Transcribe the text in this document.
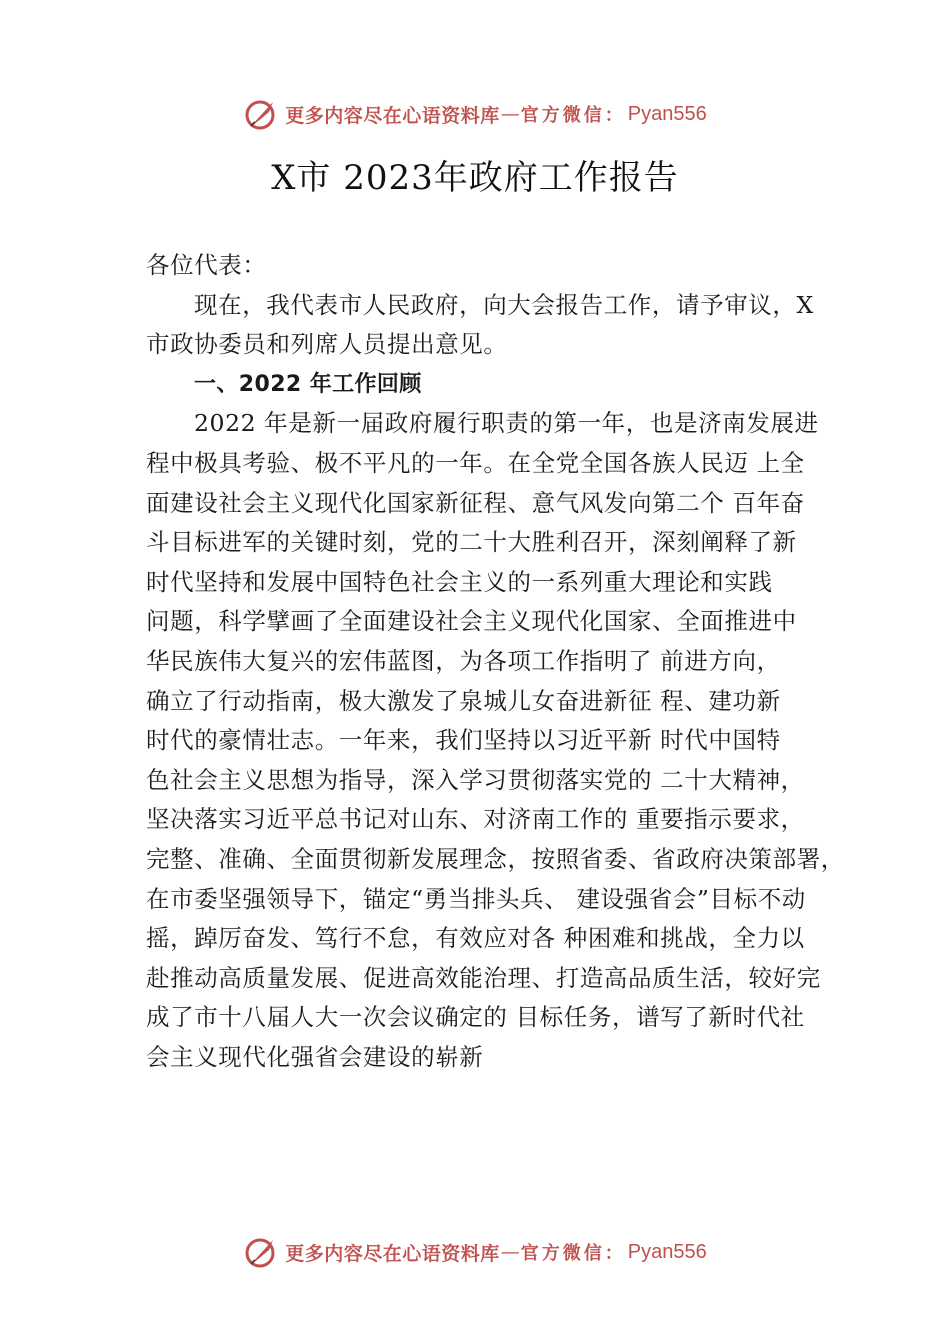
更多内容尽在心语资料库 — 官方微信： Pyan556
X市 2023年政府工作报告
各位代表：
现在，我代表市人民政府，向大会报告工作，请予审议，X
市政协委员和列席人员提出意见。
一、2022 年工作回顾
2022 年是新一届政府履行职责的第一年，也是济南发展进
程中极具考验、极不平凡的一年。在全党全国各族人民迈 上全
面建设社会主义现代化国家新征程、意气风发向第二个 百年奋
斗目标进军的关键时刻，党的二十大胜利召开，深刻阐释了新
时代坚持和发展中国特色社会主义的一系列重大理论和实践
问题，科学擘画了全面建设社会主义现代化国家、全面推进中
华民族伟大复兴的宏伟蓝图，为各项工作指明了 前进方向，
确立了行动指南，极大激发了泉城儿女奋进新征 程、建功新
时代的豪情壮志。一年来，我们坚持以习近平新 时代中国特
色社会主义思想为指导，深入学习贯彻落实党的 二十大精神，
坚决落实习近平总书记对山东、对济南工作的 重要指示要求，
完整、准确、全面贯彻新发展理念，按照省委、省政府决策部署，
在市委坚强领导下，锚定“勇当排头兵、 建设强省会”目标不动
摇，踔厉奋发、笃行不怠，有效应对各 种困难和挑战，全力以
赴推动高质量发展、促进高效能治理、打造高品质生活，较好完
成了市十八届人大一次会议确定的 目标任务，谱写了新时代社
会主义现代化强省会建设的崭新
更多内容尽在心语资料库 — 官方微信： Pyan556
